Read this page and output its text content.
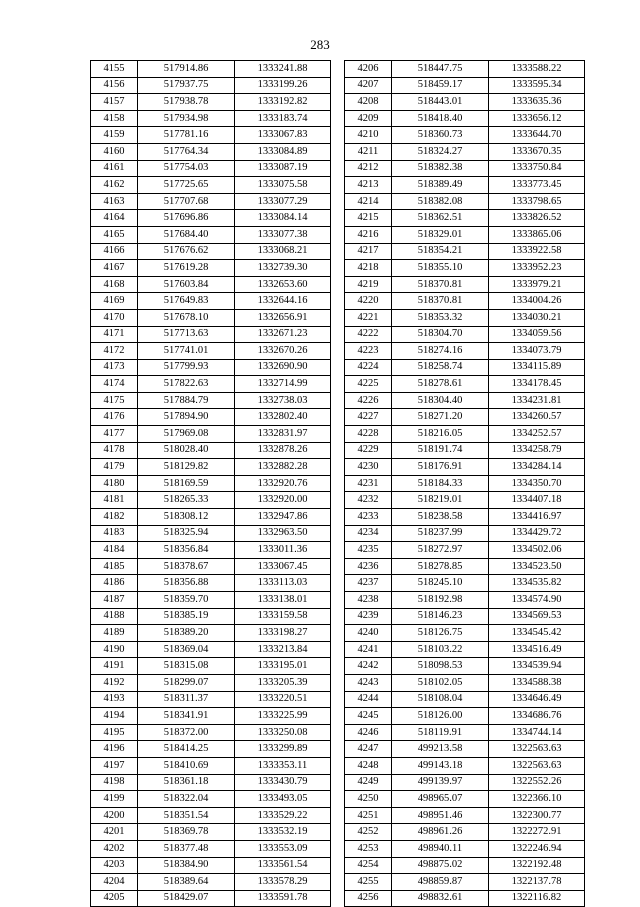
283
4155	517914.86	1333241.88
4156	517937.75	1333199.26
4157	517938.78	1333192.82
4158	517934.98	1333183.74
4159	517781.16	1333067.83
4160	517764.34	1333084.89
4161	517754.03	1333087.19
4162	517725.65	1333075.58
4163	517707.68	1333077.29
4164	517696.86	1333084.14
4165	517684.40	1333077.38
4166	517676.62	1333068.21
4167	517619.28	1332739.30
4168	517603.84	1332653.60
4169	517649.83	1332644.16
4170	517678.10	1332656.91
4171	517713.63	1332671.23
4172	517741.01	1332670.26
4173	517799.93	1332690.90
4174	517822.63	1332714.99
4175	517884.79	1332738.03
4176	517894.90	1332802.40
4177	517969.08	1332831.97
4178	518028.40	1332878.26
4179	518129.82	1332882.28
4180	518169.59	1332920.76
4181	518265.33	1332920.00
4182	518308.12	1332947.86
4183	518325.94	1332963.50
4184	518356.84	1333011.36
4185	518378.67	1333067.45
4186	518356.88	1333113.03
4187	518359.70	1333138.01
4188	518385.19	1333159.58
4189	518389.20	1333198.27
4190	518369.04	1333213.84
4191	518315.08	1333195.01
4192	518299.07	1333205.39
4193	518311.37	1333220.51
4194	518341.91	1333225.99
4195	518372.00	1333250.08
4196	518414.25	1333299.89
4197	518410.69	1333353.11
4198	518361.18	1333430.79
4199	518322.04	1333493.05
4200	518351.54	1333529.22
4201	518369.78	1333532.19
4202	518377.48	1333553.09
4203	518384.90	1333561.54
4204	518389.64	1333578.29
4205	518429.07	1333591.78
4206	518447.75	1333588.22
4207	518459.17	1333595.34
4208	518443.01	1333635.36
4209	518418.40	1333656.12
4210	518360.73	1333644.70
4211	518324.27	1333670.35
4212	518382.38	1333750.84
4213	518389.49	1333773.45
4214	518382.08	1333798.65
4215	518362.51	1333826.52
4216	518329.01	1333865.06
4217	518354.21	1333922.58
4218	518355.10	1333952.23
4219	518370.81	1333979.21
4220	518370.81	1334004.26
4221	518353.32	1334030.21
4222	518304.70	1334059.56
4223	518274.16	1334073.79
4224	518258.74	1334115.89
4225	518278.61	1334178.45
4226	518304.40	1334231.81
4227	518271.20	1334260.57
4228	518216.05	1334252.57
4229	518191.74	1334258.79
4230	518176.91	1334284.14
4231	518184.33	1334350.70
4232	518219.01	1334407.18
4233	518238.58	1334416.97
4234	518237.99	1334429.72
4235	518272.97	1334502.06
4236	518278.85	1334523.50
4237	518245.10	1334535.82
4238	518192.98	1334574.90
4239	518146.23	1334569.53
4240	518126.75	1334545.42
4241	518103.22	1334516.49
4242	518098.53	1334539.94
4243	518102.05	1334588.38
4244	518108.04	1334646.49
4245	518126.00	1334686.76
4246	518119.91	1334744.14
4247	499213.58	1322563.63
4248	499143.18	1322563.63
4249	499139.97	1322552.26
4250	498965.07	1322366.10
4251	498951.46	1322300.77
4252	498961.26	1322272.91
4253	498940.11	1322246.94
4254	498875.02	1322192.48
4255	498859.87	1322137.78
4256	498832.61	1322116.82
